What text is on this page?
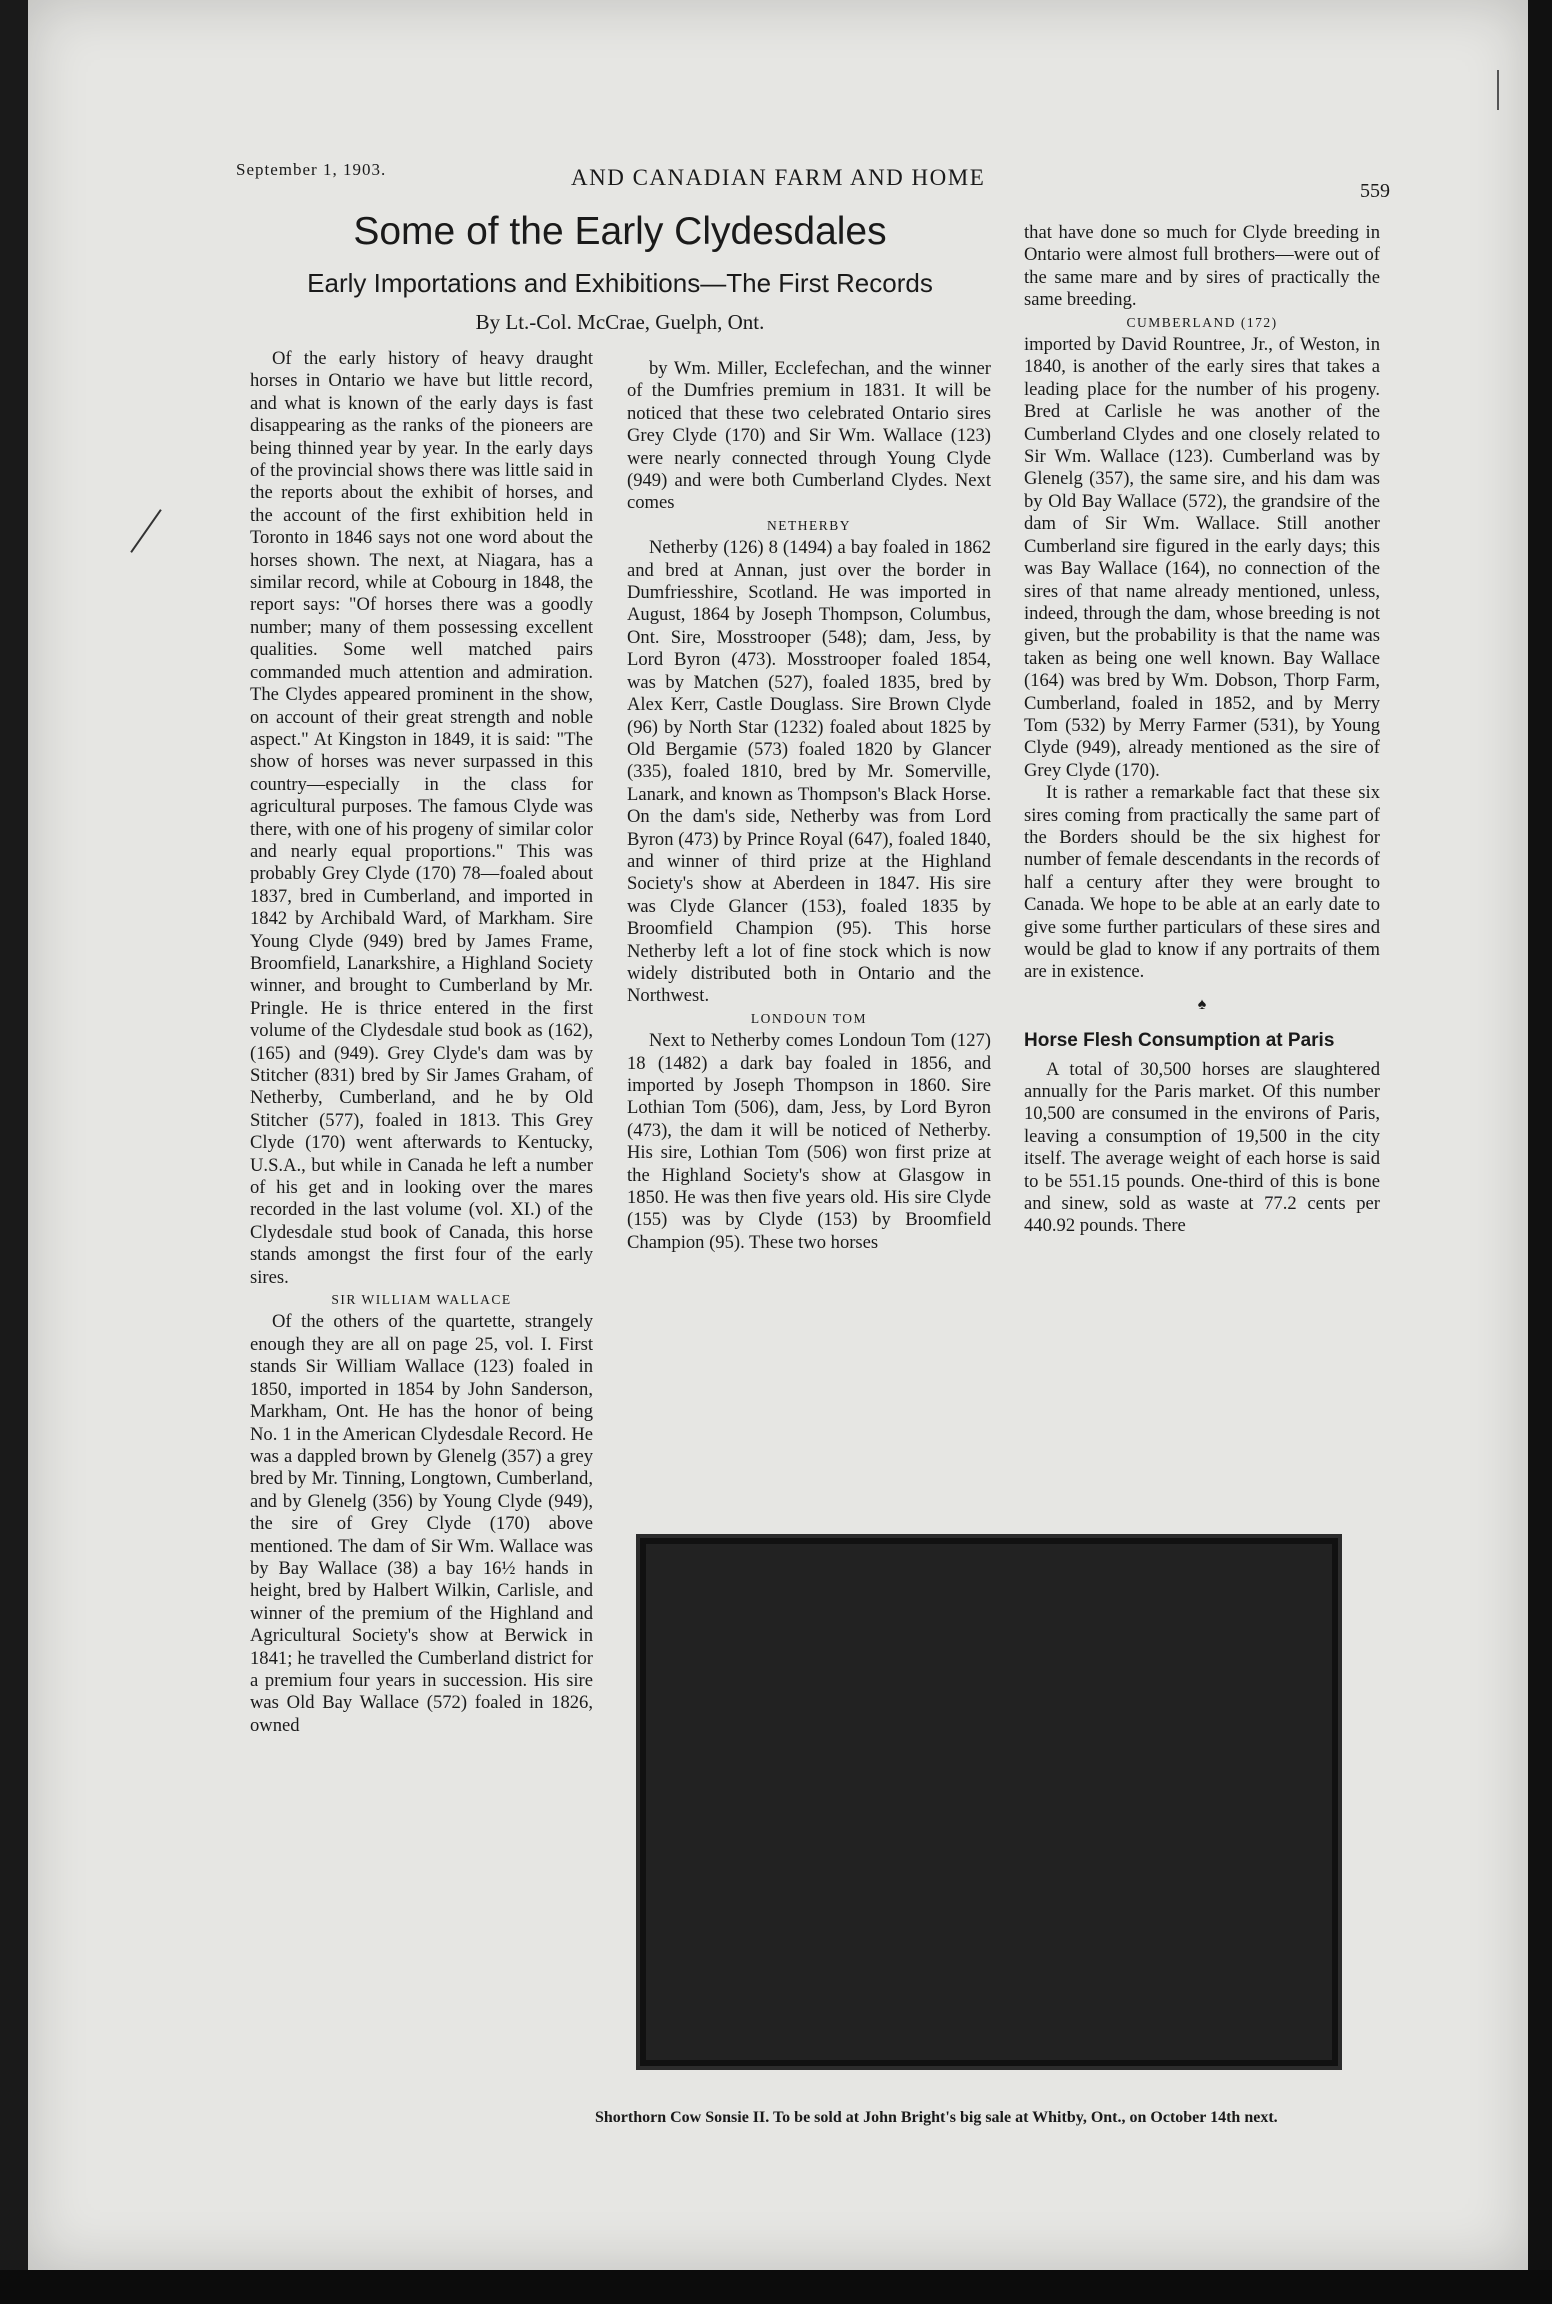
September 1, 1903.	AND CANADIAN FARM AND HOME
559
Some of the Early Clydesdales
Early Importations and Exhibitions—The First Records
By Lt.-Col. McCrae, Guelph, Ont.

Of the early history of heavy draught horses in Ontario we have but little record, and what is known of the early days is fast disappearing as the ranks of the pioneers are being thinned year by year. In the early days of the provincial shows there was little said in the reports about the exhibit of horses, and the account of the first exhibition held in Toronto in 1846 says not one word about the horses shown. The next, at Niagara, has a similar record, while at Cobourg in 1848, the report says: "Of horses there was a goodly number; many of them possessing excellent qualities. Some well matched pairs commanded much attention and admiration. The Clydes appeared prominent in the show, on account of their great strength and noble aspect." At Kingston in 1849, it is said: "The show of horses was never surpassed in this country—especially in the class for agricultural purposes. The famous Clyde was there, with one of his progeny of similar color and nearly equal proportions." This was probably Grey Clyde (170) 78—foaled about 1837, bred in Cumberland, and imported in 1842 by Archibald Ward, of Markham. Sire Young Clyde (949) bred by James Frame, Broomfield, Lanarkshire, a Highland Society winner, and brought to Cumberland by Mr. Pringle. He is thrice entered in the first volume of the Clydesdale stud book as (162), (165) and (949). Grey Clyde's dam was by Stitcher (831) bred by Sir James Graham, of Netherby, Cumberland, and he by Old Stitcher (577), foaled in 1813. This Grey Clyde (170) went afterwards to Kentucky, U.S.A., but while in Canada he left a number of his get and in looking over the mares recorded in the last volume (vol. XI.) of the Clydesdale stud book of Canada, this horse stands amongst the first four of the early sires.

SIR WILLIAM WALLACE

Of the others of the quartette, strangely enough they are all on page 25, vol. I. First stands Sir William Wallace (123) foaled in 1850, imported in 1854 by John Sanderson, Markham, Ont. He has the honor of being No. 1 in the American Clydesdale Record. He was a dappled brown by Glenelg (357) a grey bred by Mr. Tinning, Longtown, Cumberland, and by Glenelg (356) by Young Clyde (949), the sire of Grey Clyde (170) above mentioned. The dam of Sir Wm. Wallace was by Bay Wallace (38) a bay 16½ hands in height, bred by Halbert Wilkin, Carlisle, and winner of the premium of the Highland and Agricultural Society's show at Berwick in 1841; he travelled the Cumberland district for a premium four years in succession. His sire was Old Bay Wallace (572) foaled in 1826, owned

by Wm. Miller, Ecclefechan, and the winner of the Dumfries premium in 1831. It will be noticed that these two celebrated Ontario sires Grey Clyde (170) and Sir Wm. Wallace (123) were nearly connected through Young Clyde (949) and were both Cumberland Clydes. Next comes

NETHERBY

Netherby (126) 8 (1494) a bay foaled in 1862 and bred at Annan, just over the border in Dumfriesshire, Scotland. He was imported in August, 1864 by Joseph Thompson, Columbus, Ont. Sire, Mosstrooper (548); dam, Jess, by Lord Byron (473). Mosstrooper foaled 1854, was by Matchen (527), foaled 1835, bred by Alex Kerr, Castle Douglass. Sire Brown Clyde (96) by North Star (1232) foaled about 1825 by Old Bergamie (573) foaled 1820 by Glancer (335), foaled 1810, bred by Mr. Somerville, Lanark, and known as Thompson's Black Horse. On the dam's side, Netherby was from Lord Byron (473) by Prince Royal (647), foaled 1840, and winner of third prize at the Highland Society's show at Aberdeen in 1847. His sire was Clyde Glancer (153), foaled 1835 by Broomfield Champion (95). This horse Netherby left a lot of fine stock which is now widely distributed both in Ontario and the Northwest.

LONDOUN TOM

Next to Netherby comes Londoun Tom (127) 18 (1482) a dark bay foaled in 1856, and imported by Joseph Thompson in 1860. Sire Lothian Tom (506), dam, Jess, by Lord Byron (473), the dam it will be noticed of Netherby. His sire, Lothian Tom (506) won first prize at the Highland Society's show at Glasgow in 1850. He was then five years old. His sire Clyde (155) was by Clyde (153) by Broomfield Champion (95). These two horses

that have done so much for Clyde breeding in Ontario were almost full brothers—were out of the same mare and by sires of practically the same breeding.

CUMBERLAND (172)

imported by David Rountree, Jr., of Weston, in 1840, is another of the early sires that takes a leading place for the number of his progeny. Bred at Carlisle he was another of the Cumberland Clydes and one closely related to Sir Wm. Wallace (123). Cumberland was by Glenelg (357), the same sire, and his dam was by Old Bay Wallace (572), the grandsire of the dam of Sir Wm. Wallace. Still another Cumberland sire figured in the early days; this was Bay Wallace (164), no connection of the sires of that name already mentioned, unless, indeed, through the dam, whose breeding is not given, but the probability is that the name was taken as being one well known. Bay Wallace (164) was bred by Wm. Dobson, Thorp Farm, Cumberland, foaled in 1852, and by Merry Tom (532) by Merry Farmer (531), by Young Clyde (949), already mentioned as the sire of Grey Clyde (170).

It is rather a remarkable fact that these six sires coming from practically the same part of the Borders should be the six highest for number of female descendants in the records of half a century after they were brought to Canada. We hope to be able at an early date to give some further particulars of these sires and would be glad to know if any portraits of them are in existence.

♠
Horse Flesh Consumption at Paris

A total of 30,500 horses are slaughtered annually for the Paris market. Of this number 10,500 are consumed in the environs of Paris, leaving a consumption of 19,500 in the city itself. The average weight of each horse is said to be 551.15 pounds. One-third of this is bone and sinew, sold as waste at 77.2 cents per 440.92 pounds. There

Shorthorn Cow Sonsie II. To be sold at John Bright's big sale at Whitby, Ont., on October 14th next.
